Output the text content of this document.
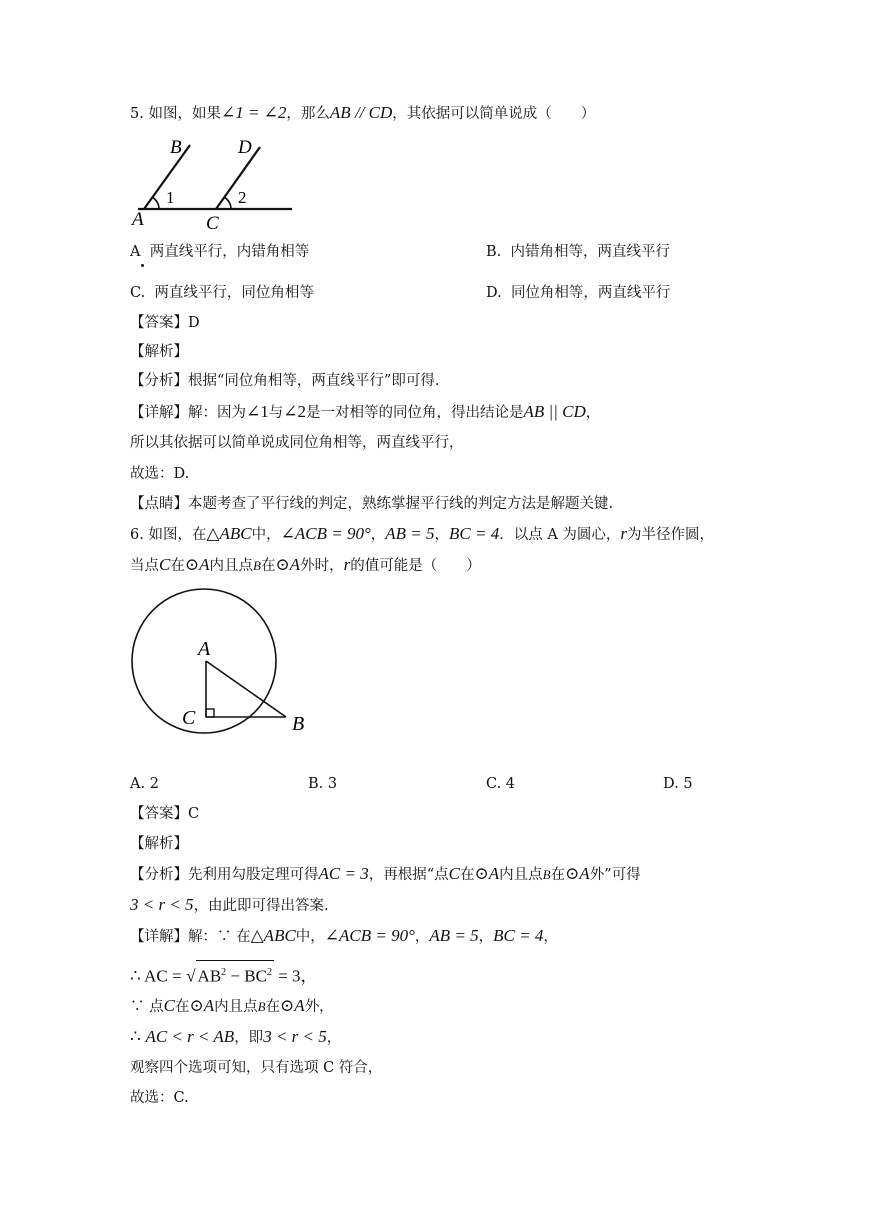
5. 如图，如果∠1 = ∠2，那么AB // CD，其依据可以简单说成（　　）
B	D
A	C
1	2
A 两直线平行，内错角相等	B. 内错角相等，两直线平行
C. 两直线平行，同位角相等	D. 同位角相等，两直线平行
【答案】D
【解析】
【分析】根据“同位角相等，两直线平行”即可得.
【详解】解：因为∠1与∠2是一对相等的同位角，得出结论是AB || CD，
所以其依据可以简单说成同位角相等，两直线平行，
故选：D.
【点睛】本题考查了平行线的判定，熟练掌握平行线的判定方法是解题关键.
6. 如图，在△ABC中，∠ACB = 90°，AB = 5，BC = 4．以点 A 为圆心，r为半径作圆，
当点C在⊙A内且点B在⊙A外时，r的值可能是（　　）
A
C	B
A. 2	B. 3	C. 4	D. 5
【答案】C
【解析】
【分析】先利用勾股定理可得AC = 3，再根据“点C在⊙A内且点B在⊙A外”可得
3 < r < 5，由此即可得出答案.
【详解】解：∵ 在△ABC中，∠ACB = 90°，AB = 5，BC = 4，
∴ AC = √ $AB^2 - BC^2 = 3$，
∵ 点C在⊙A内且点B在⊙A外，
∴ AC < r < AB，即3 < r < 5，
观察四个选项可知，只有选项 C 符合，
故选：C.
